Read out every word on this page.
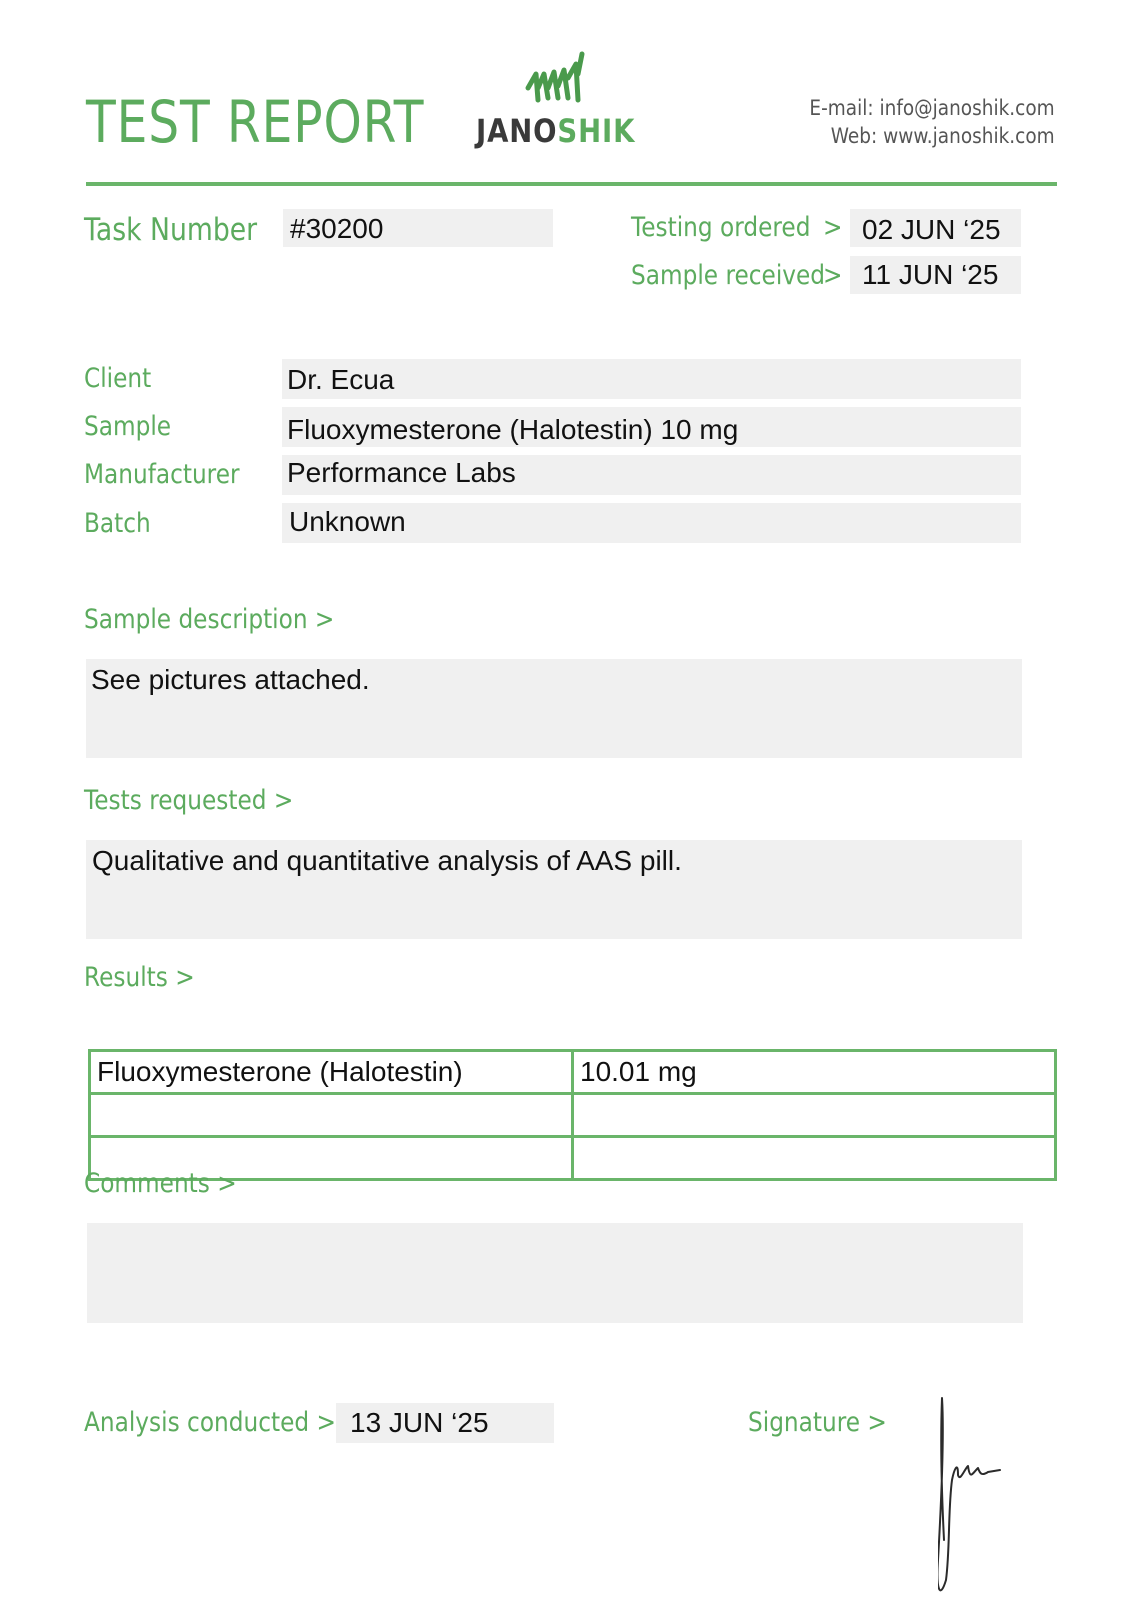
TEST REPORT JANOSHIK
E-mail: info@janoshik.com
Web: www.janoshik.com
Task Number #30200	Testing ordered > 02 JUN ‘25
Sample received
> 11 JUN ‘25
Client	Dr. Ecua
Sample	Fluoxymesterone (Halotestin) 10 mg
Manufacturer Performance Labs
Batch	Unknown
Sample description >
See pictures attached.
Tests requested >
Qualitative and quantitative analysis of AAS pill.
Results >
Fluoxymesterone (Halotestin)	10.01 mg

Comments >
Analysis conducted > 13 JUN ‘25	Signature >
